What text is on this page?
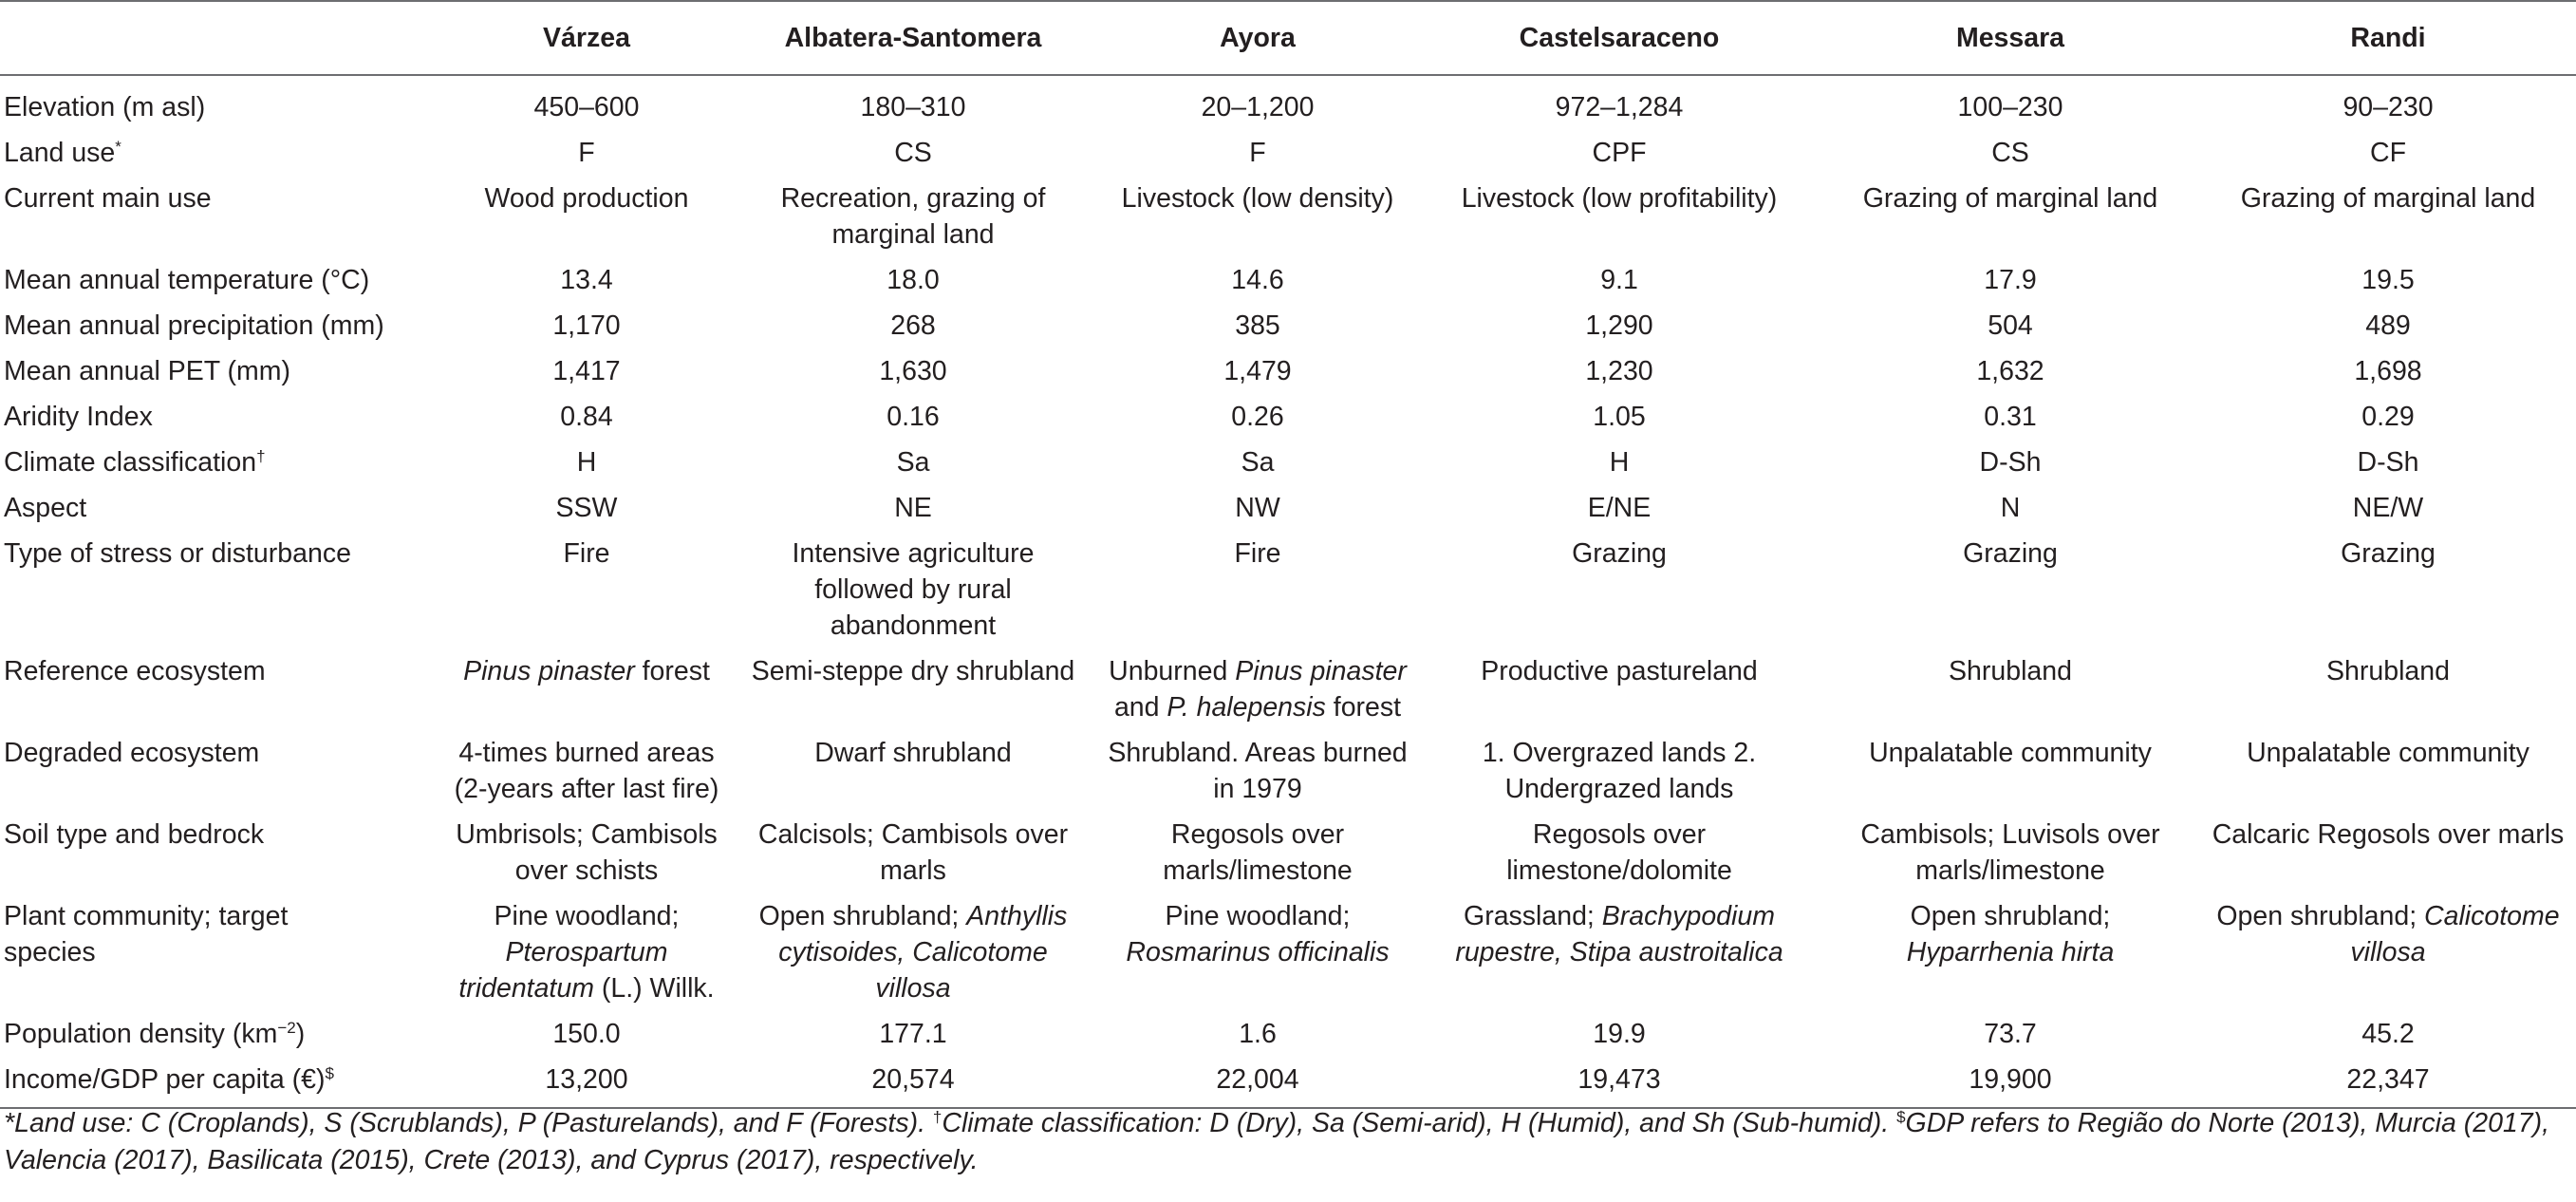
	Várzea	Albatera-Santomera	Ayora	Castelsaraceno	Messara	Randi
Elevation (m asl)	450–600	180–310	20–1,200	972–1,284	100–230	90–230
Land use*	F	CS	F	CPF	CS	CF
Current main use	Wood production	Recreation, grazing of marginal land	Livestock (low density)	Livestock (low profitability)	Grazing of marginal land	Grazing of marginal land
Mean annual temperature (°C)	13.4	18.0	14.6	9.1	17.9	19.5
Mean annual precipitation (mm)	1,170	268	385	1,290	504	489
Mean annual PET (mm)	1,417	1,630	1,479	1,230	1,632	1,698
Aridity Index	0.84	0.16	0.26	1.05	0.31	0.29
Climate classification†	H	Sa	Sa	H	D-Sh	D-Sh
Aspect	SSW	NE	NW	E/NE	N	NE/W
Type of stress or disturbance	Fire	Intensive agriculture followed by rural abandonment	Fire	Grazing	Grazing	Grazing
Reference ecosystem	Pinus pinaster forest	Semi-steppe dry shrubland	Unburned Pinus pinaster and P. halepensis forest	Productive pastureland	Shrubland	Shrubland
Degraded ecosystem	4-times burned areas (2-years after last fire)	Dwarf shrubland	Shrubland. Areas burned in 1979	1. Overgrazed lands 2. Undergrazed lands	Unpalatable community	Unpalatable community
Soil type and bedrock	Umbrisols; Cambisols over schists	Calcisols; Cambisols over marls	Regosols over marls/limestone	Regosols over limestone/dolomite	Cambisols; Luvisols over marls/limestone	Calcaric Regosols over marls
Plant community; target species	Pine woodland; Pterospartum tridentatum (L.) Willk.	Open shrubland; Anthyllis cytisoides, Calicotome villosa	Pine woodland; Rosmarinus officinalis	Grassland; Brachypodium rupestre, Stipa austroitalica	Open shrubland; Hyparrhenia hirta	Open shrubland; Calicotome villosa
Population density $(km^{-2})$	150.0	177.1	1.6	19.9	73.7	45.2
Income/GDP per capita (€)$	13,200	20,574	22,004	19,473	19,900	22,347
*Land use: C (Croplands), S (Scrublands), P (Pasturelands), and F (Forests). †Climate classification: D (Dry), Sa (Semi-arid), H (Humid), and Sh (Sub-humid). $GDP refers to Região do Norte (2013), Murcia (2017),
Valencia (2017), Basilicata (2015), Crete (2013), and Cyprus (2017), respectively.
